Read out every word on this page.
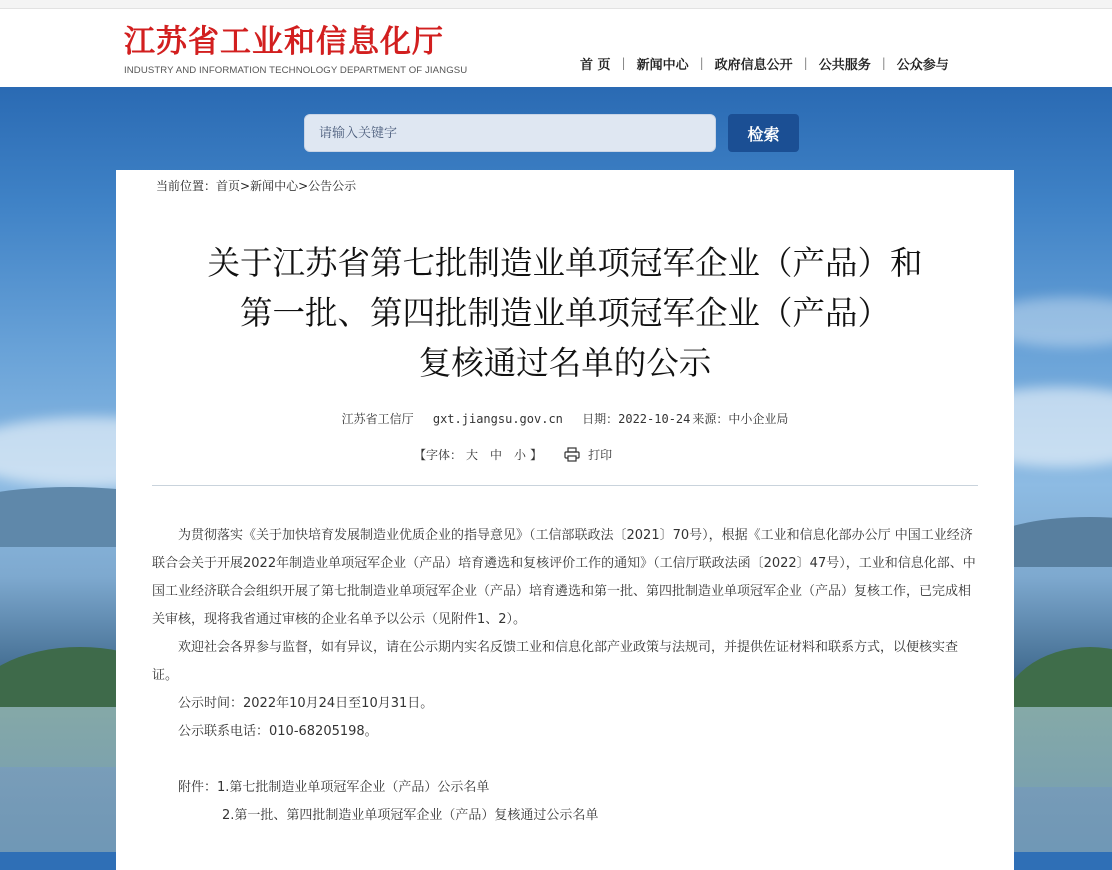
江苏省工业和信息化厅
INDUSTRY AND INFORMATION TECHNOLOGY DEPARTMENT OF JIANGSU	首 页 | 新闻中心 | 政府信息公开 | 公共服务 | 公众参与
请输入关键字
检索
当前位置：首页>新闻中心>公告公示
关于江苏省第七批制造业单项冠军企业（产品）和
第一批、第四批制造业单项冠军企业（产品）
复核通过名单的公示
江苏省工信厅 gxt.jiangsu.gov.cn 日期：2022-10-24 来源：中小企业局
【字体： 大 中 小 】	打印

为贯彻落实《关于加快培育发展制造业优质企业的指导意见》（工信部联政法〔2021〕70号），根据《工业和信息化部办公厅 中国工业经济联合会关于开展2022年制造业单项冠军企业（产品）培育遴选和复核评价工作的通知》（工信厅联政法函〔2022〕47号），工业和信息化部、中国工业经济联合会组织开展了第七批制造业单项冠军企业（产品）培育遴选和第一批、第四批制造业单项冠军企业（产品）复核工作，已完成相关审核，现将我省通过审核的企业名单予以公示（见附件1、2）。

欢迎社会各界参与监督，如有异议，请在公示期内实名反馈工业和信息化部产业政策与法规司，并提供佐证材料和联系方式，以便核实查证。

公示时间：2022年10月24日至10月31日。

公示联系电话：010-68205198。

附件：1.第七批制造业单项冠军企业（产品）公示名单

2.第一批、第四批制造业单项冠军企业（产品）复核通过公示名单
